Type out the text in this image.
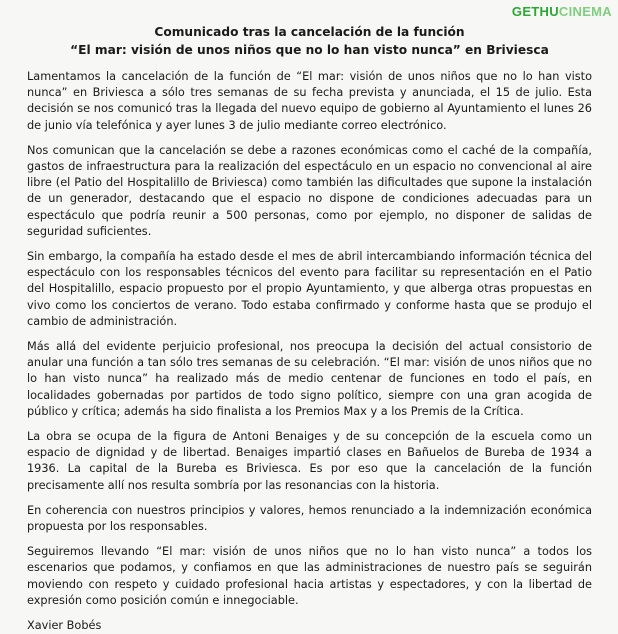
GETHUCINEMA
Comunicado tras la cancelación de la función
“El mar: visión de unos niños que no lo han visto nunca” en Briviesca

Lamentamos la cancelación de la función de “El mar: visión de unos niños que no lo han visto nunca” en Briviesca a sólo tres semanas de su fecha prevista y anunciada, el 15 de julio. Esta decisión se nos comunicó tras la llegada del nuevo equipo de gobierno al Ayuntamiento el lunes 26 de junio vía telefónica y ayer lunes 3 de julio mediante correo electrónico.

Nos comunican que la cancelación se debe a razones económicas como el caché de la compañía, gastos de infraestructura para la realización del espectáculo en un espacio no convencional al aire libre (el Patio del Hospitalillo de Briviesca) como también las dificultades que supone la instalación de un generador, destacando que el espacio no dispone de condiciones adecuadas para un espectáculo que podría reunir a 500 personas, como por ejemplo, no disponer de salidas de seguridad suficientes.

Sin embargo, la compañía ha estado desde el mes de abril intercambiando información técnica del espectáculo con los responsables técnicos del evento para facilitar su representación en el Patio del Hospitalillo, espacio propuesto por el propio Ayuntamiento, y que alberga otras propuestas en vivo como los conciertos de verano. Todo estaba confirmado y conforme hasta que se produjo el cambio de administración.

Más allá del evidente perjuicio profesional, nos preocupa la decisión del actual consistorio de anular una función a tan sólo tres semanas de su celebración. “El mar: visión de unos niños que no lo han visto nunca” ha realizado más de medio centenar de funciones en todo el país, en localidades gobernadas por partidos de todo signo político, siempre con una gran acogida de público y crítica; además ha sido finalista a los Premios Max y a los Premis de la Crítica.

La obra se ocupa de la figura de Antoni Benaiges y de su concepción de la escuela como un espacio de dignidad y de libertad. Benaiges impartió clases en Bañuelos de Bureba de 1934 a 1936. La capital de la Bureba es Briviesca. Es por eso que la cancelación de la función precisamente allí nos resulta sombría por las resonancias con la historia.

En coherencia con nuestros principios y valores, hemos renunciado a la indemnización económica propuesta por los responsables.

Seguiremos llevando “El mar: visión de unos niños que no lo han visto nunca” a todos los escenarios que podamos, y confiamos en que las administraciones de nuestro país se seguirán moviendo con respeto y cuidado profesional hacia artistas y espectadores, y con la libertad de expresión como posición común e innegociable.

Xavier Bobés
